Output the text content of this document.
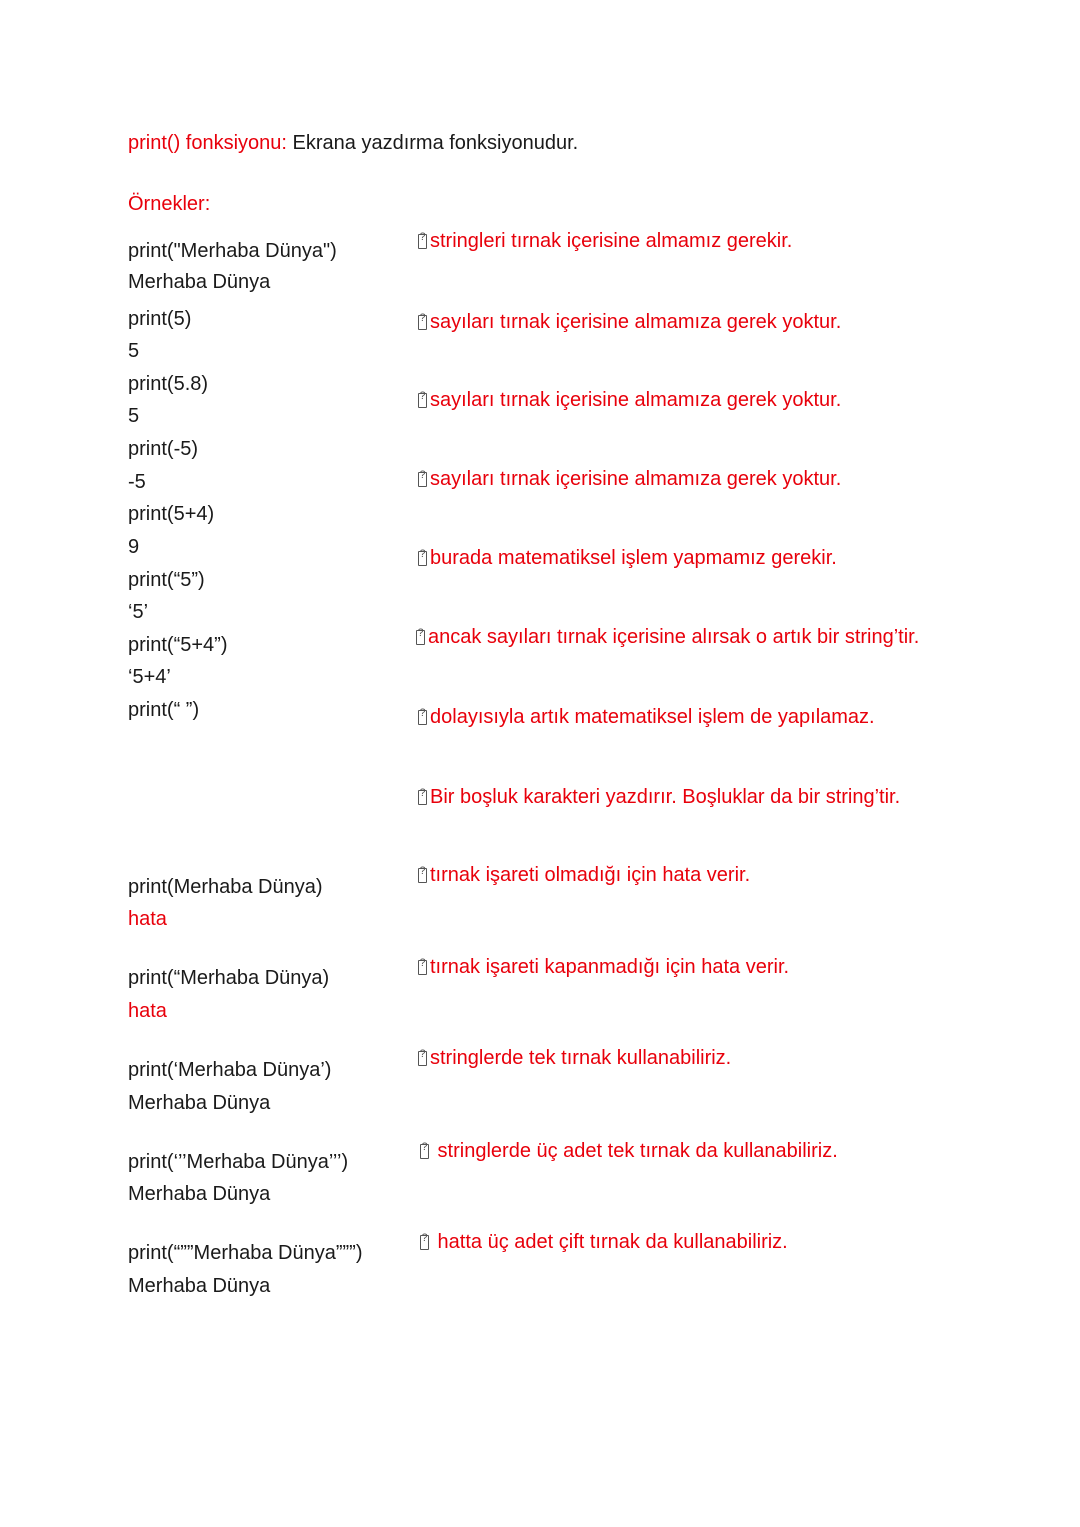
print() fonksiyonu: Ekrana yazdırma fonksiyonudur.
Örnekler:
print("Merhaba Dünya")
Merhaba Dünya
print(5)
5
print(5.8)
5
print(-5)
-5
print(5+4)
9
print(“5”)
‘5’
print(“5+4”)
‘5+4’
print(“ ”)
?stringleri tırnak içerisine almamız gerekir.
?sayıları tırnak içerisine almamıza gerek yoktur.
?sayıları tırnak içerisine almamıza gerek yoktur.
?sayıları tırnak içerisine almamıza gerek yoktur.
?burada matematiksel işlem yapmamız gerekir.
?ancak sayıları tırnak içerisine alırsak o artık bir string’tir.
?dolayısıyla artık matematiksel işlem de yapılamaz.
?Bir boşluk karakteri yazdırır. Boşluklar da bir string’tir.
print(Merhaba Dünya)
hata
?tırnak işareti olmadığı için hata verir.
print(“Merhaba Dünya)
hata
?tırnak işareti kapanmadığı için hata verir.
print(‘Merhaba Dünya’)
Merhaba Dünya
?stringlerde tek tırnak kullanabiliriz.
print(‘’’Merhaba Dünya’’’)
Merhaba Dünya
? stringlerde üç adet tek tırnak da kullanabiliriz.
print(“””Merhaba Dünya”””)
Merhaba Dünya
? hatta üç adet çift tırnak da kullanabiliriz.
